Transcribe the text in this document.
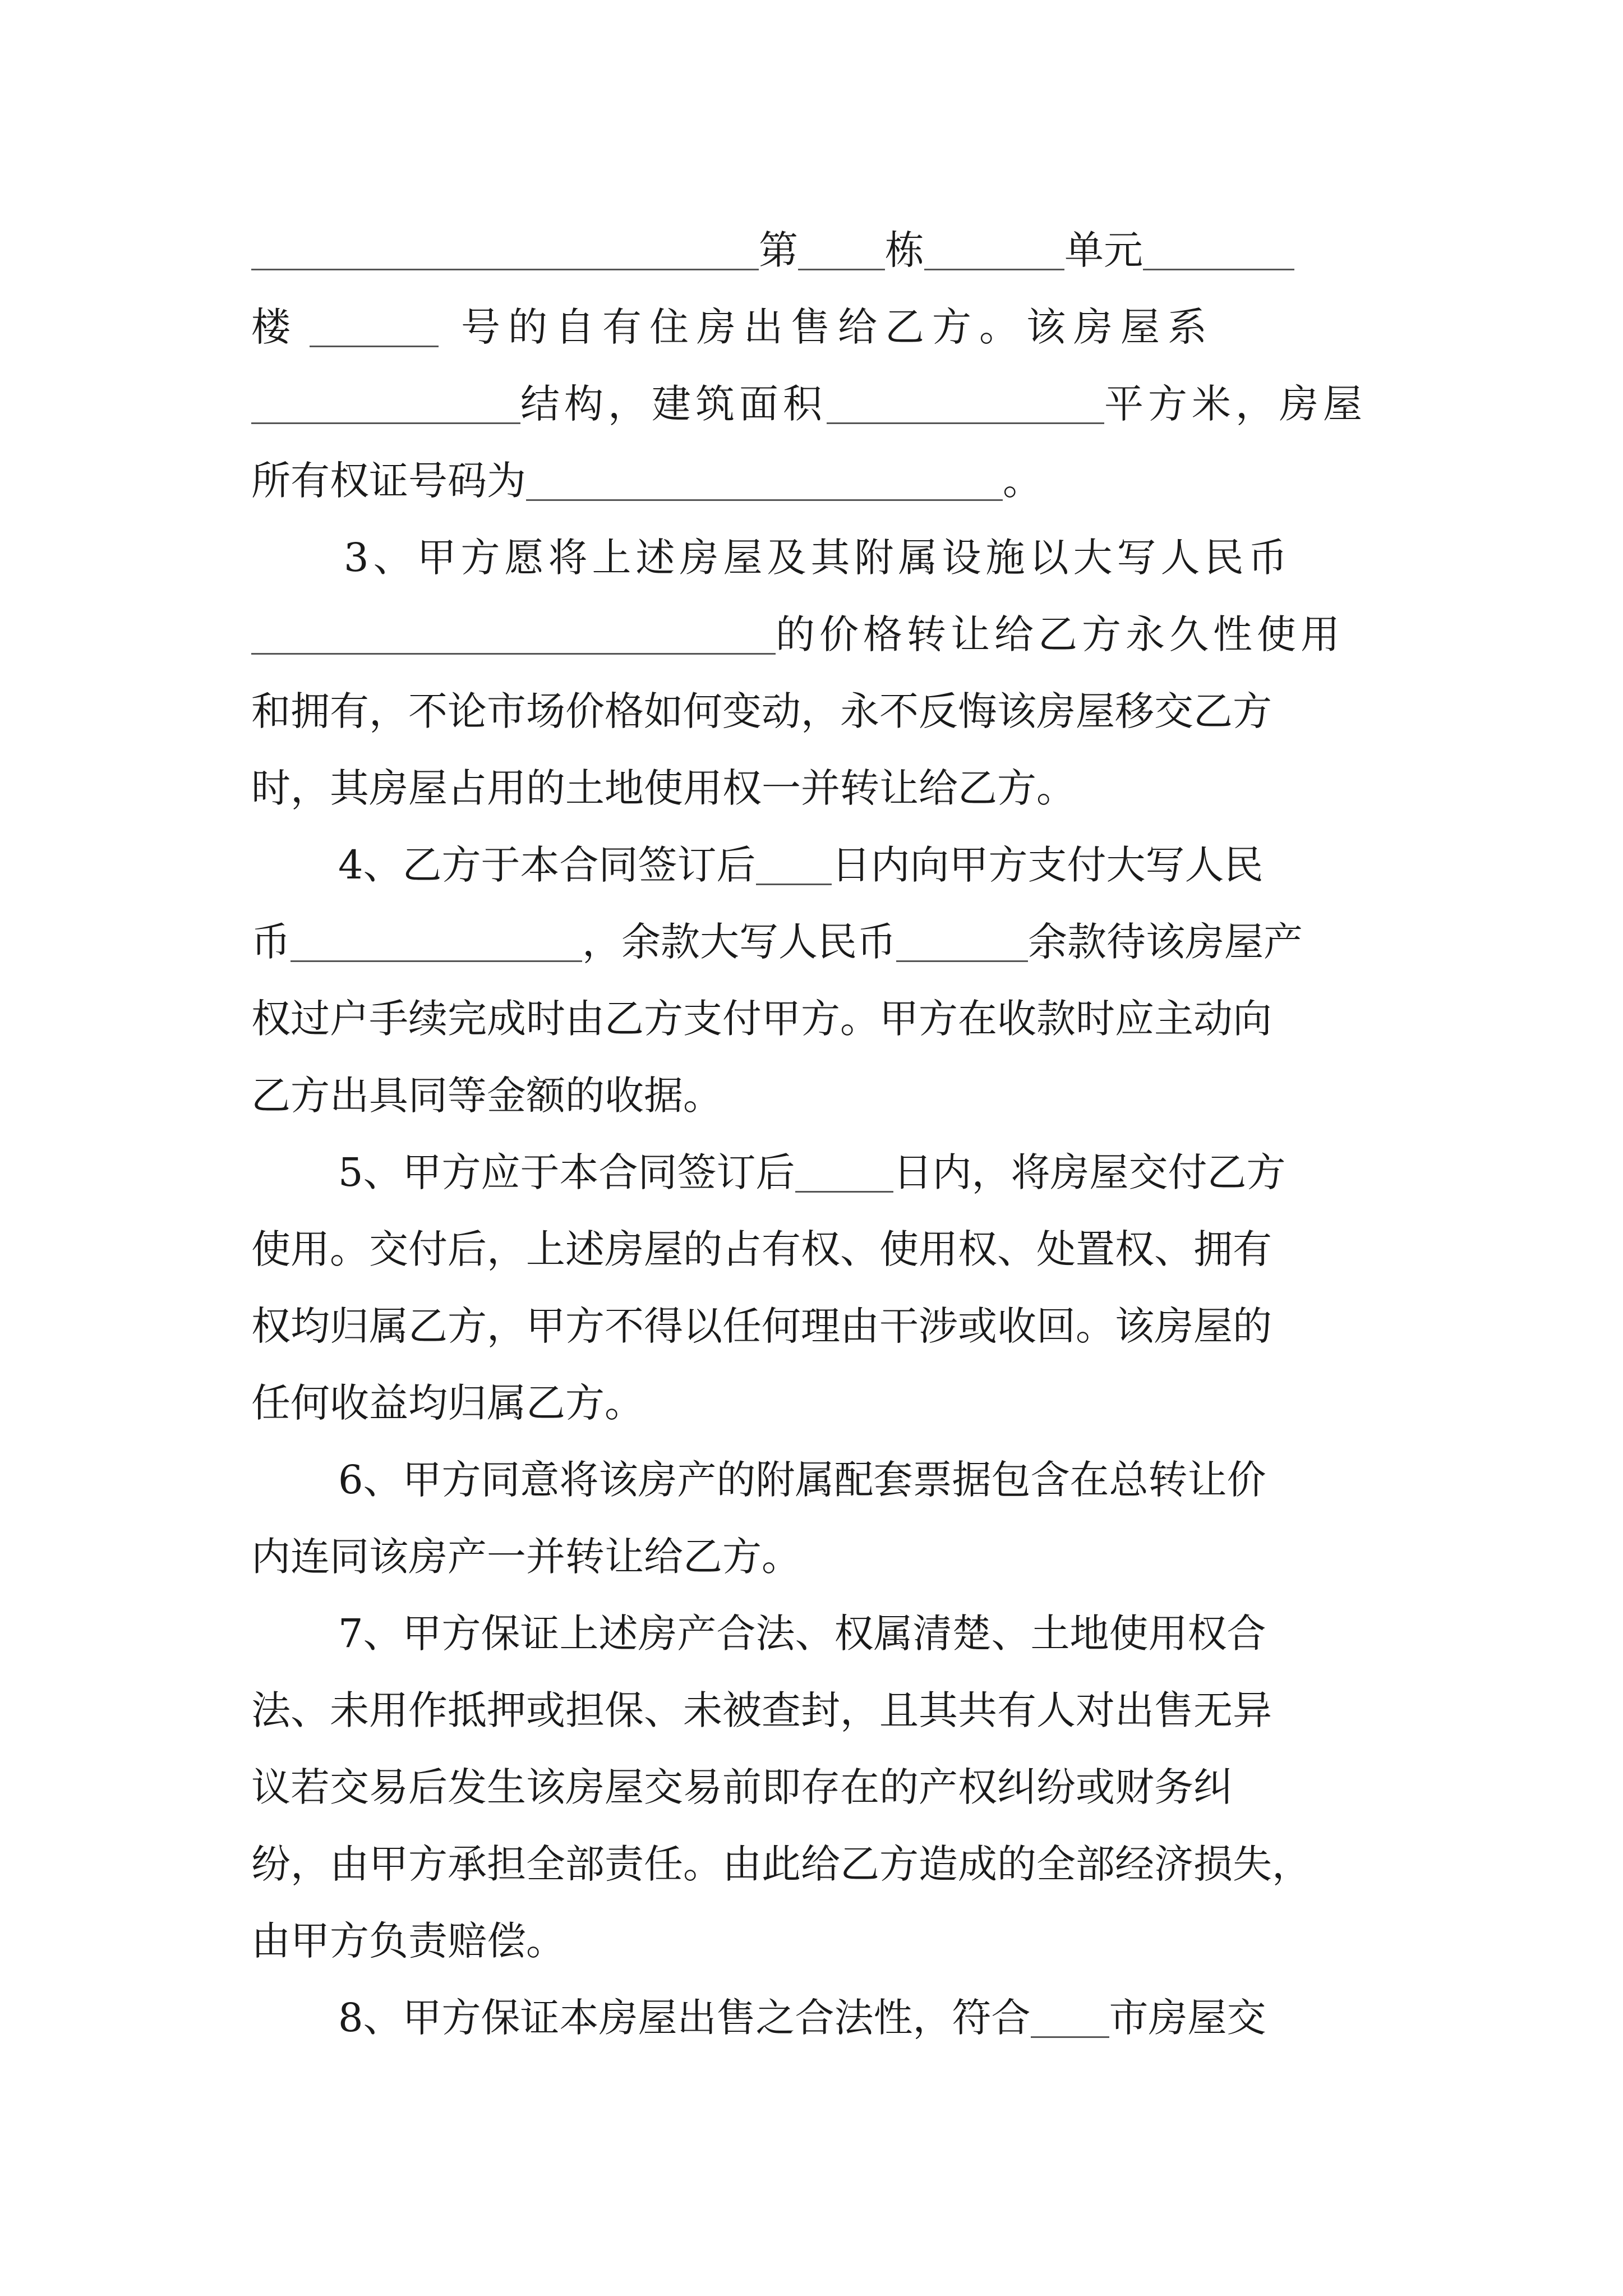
第 栋	单元
楼	号的自有住房出售给乙方。该房屋系
结构，建筑面积	平方米，房屋
所有权证号码为	。
3、甲方愿将上述房屋及其附属设施以大写人民币
的价格转让给乙方永久性使用
和拥有，不论市场价格如何变动，永不反悔该房屋移交乙方
时，其房屋占用的土地使用权一并转让给乙方。
4、乙方于本合同签订后 日内向甲方支付大写人民
币	，余款大写人民币	余款待该房屋产
权过户手续完成时由乙方支付甲方。甲方在收款时应主动向
乙方出具同等金额的收据。
5、甲方应于本合同签订后	日内，将房屋交付乙方
使用。交付后，上述房屋的占有权、使用权、处置权、拥有
权均归属乙方，甲方不得以任何理由干涉或收回。该房屋的
任何收益均归属乙方。
6、甲方同意将该房产的附属配套票据包含在总转让价
内连同该房产一并转让给乙方。
7、甲方保证上述房产合法、权属清楚、土地使用权合
法、未用作抵押或担保、未被查封，且其共有人对出售无异
议若交易后发生该房屋交易前即存在的产权纠纷或财务纠
纷，由甲方承担全部责任。由此给乙方造成的全部经济损失，
由甲方负责赔偿。
8、甲方保证本房屋出售之合法性，符合 市房屋交
